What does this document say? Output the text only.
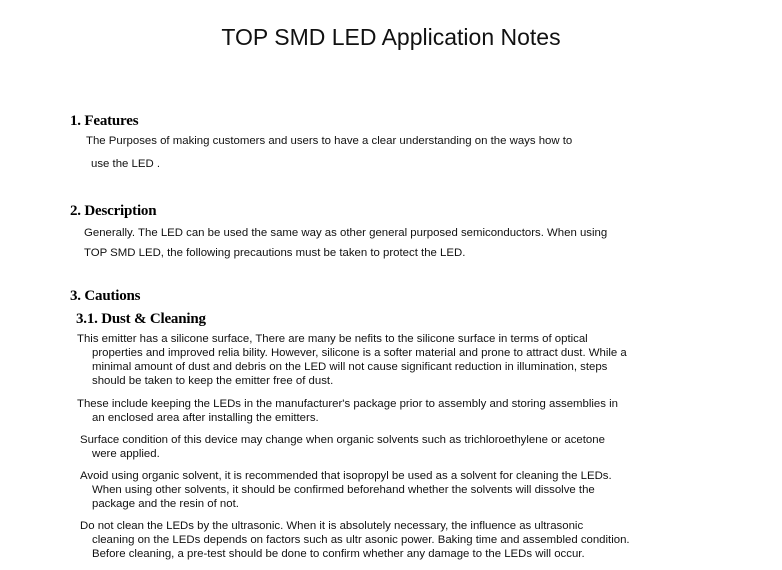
TOP SMD LED Application Notes
1. Features
The Purposes of making customers and users to have a clear understanding on the ways how to
use the LED .
2. Description
Generally. The LED can be used the same way as other general purposed semiconductors. When using
TOP SMD LED, the following precautions must be taken to protect the LED.
3. Cautions
3.1. Dust & Cleaning
This emitter has a silicone surface, There are many be nefits to the silicone surface in terms of optical
properties and improved relia bility. However, silicone is a softer material and prone to attract dust. While a
minimal amount of dust and debris on the LED will not cause significant reduction in illumination, steps
should be taken to keep the emitter free of dust.
These include keeping the LEDs in the manufacturer's package prior to assembly and storing assemblies in
an enclosed area after installing the emitters.
Surface condition of this device may change when organic solvents such as trichloroethylene or acetone
were applied.
Avoid using organic solvent, it is recommended that isopropyl be used as a solvent for cleaning the LEDs.
When using other solvents, it should be confirmed beforehand whether the solvents will dissolve the
package and the resin of not.
Do not clean the LEDs by the ultrasonic. When it is absolutely necessary, the influence as ultrasonic
cleaning on the LEDs depends on factors such as ultr asonic power. Baking time and assembled condition.
Before cleaning, a pre-test should be done to confirm whether any damage to the LEDs will occur.
